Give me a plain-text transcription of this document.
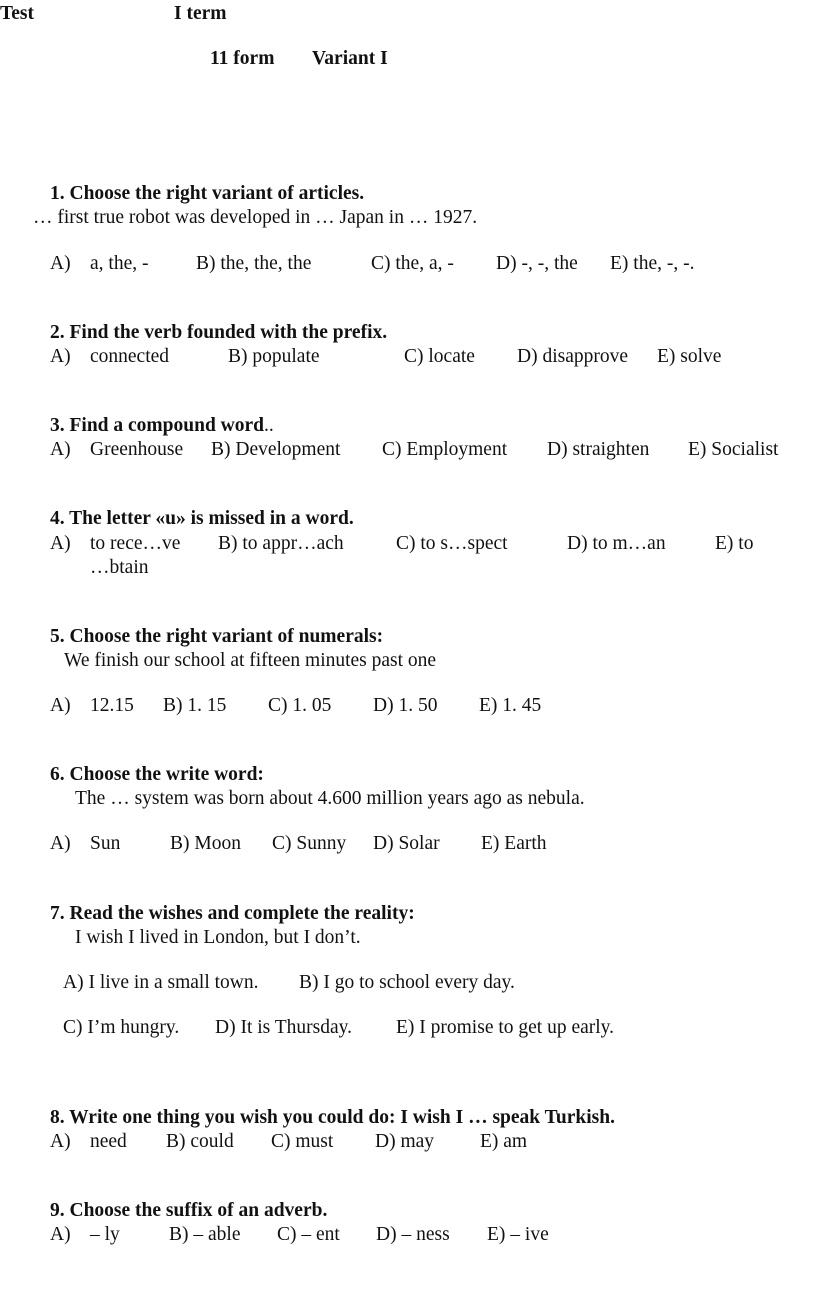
Test	I term
11 form Variant I
1. Choose the right variant of articles.
… first true robot was developed in … Japan in … 1927.
A) a, the, - B) the, the, the	C) the, a, - D) -, -, the E) the, -, -.
2. Find the verb founded with the prefix.
A) connected	B) populate	C) locate D) disapprove E) solve
3. Find a compound word..
A) Greenhouse B) Development C) Employment D) straighten E) Socialist
4. The letter «u» is missed in a word.
A) to rece…ve B) to appr…ach	C) to s…spect	D) to m…an	E) to
…btain
5. Choose the right variant of numerals:
We finish our school at fifteen minutes past one
A) 12.15 B) 1. 15 C) 1. 05 D) 1. 50 E) 1. 45
6. Choose the write word:
The … system was born about 4.600 million years ago as nebula.
A) Sun	B) Moon C) Sunny D) Solar E) Earth
7. Read the wishes and complete the reality:
I wish I lived in London, but I don’t.
A) I live in a small town. B) I go to school every day.
C) I’m hungry. D) It is Thursday. E) I promise to get up early.
8. Write one thing you wish you could do: I wish I … speak Turkish.
A) need B) could C) must D) may E) am
9. Choose the suffix of an adverb.
A) – ly	B) – able C) – ent D) – ness E) – ive
